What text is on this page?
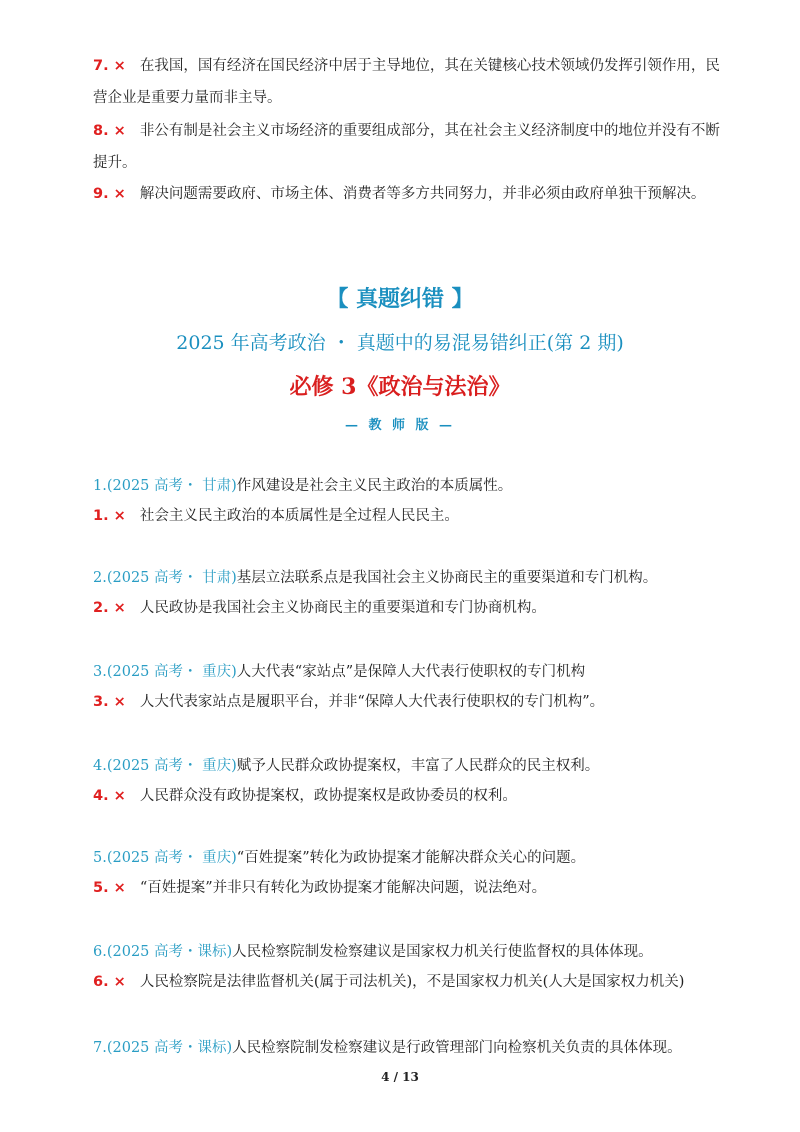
7. × 在我国，国有经济在国民经济中居于主导地位，其在关键核心技术领域仍发挥引领作用，民营企业是重要力量而非主导。
8. × 非公有制是社会主义市场经济的重要组成部分，其在社会主义经济制度中的地位并没有不断提升。
9. × 解决问题需要政府、市场主体、消费者等多方共同努力，并非必须由政府单独干预解决。
【 真题纠错 】
2025 年高考政治 ・ 真题中的易混易错纠正(第 2 期)
必修 3《政治与法治》
— 教 师 版 —
1.(2025 高考・ 甘肃)作风建设是社会主义民主政治的本质属性。
1. × 社会主义民主政治的本质属性是全过程人民民主。
2.(2025 高考・ 甘肃)基层立法联系点是我国社会主义协商民主的重要渠道和专门机构。
2. × 人民政协是我国社会主义协商民主的重要渠道和专门协商机构。
3.(2025 高考・ 重庆)人大代表“家站点”是保障人大代表行使职权的专门机构
3. × 人大代表家站点是履职平台，并非“保障人大代表行使职权的专门机构”。
4.(2025 高考・ 重庆)赋予人民群众政协提案权，丰富了人民群众的民主权利。
4. × 人民群众没有政协提案权，政协提案权是政协委员的权利。
5.(2025 高考・ 重庆)“百姓提案”转化为政协提案才能解决群众关心的问题。
5. × “百姓提案”并非只有转化为政协提案才能解决问题，说法绝对。
6.(2025 高考・课标)人民检察院制发检察建议是国家权力机关行使监督权的具体体现。
6. × 人民检察院是法律监督机关(属于司法机关)，不是国家权力机关(人大是国家权力机关)
7.(2025 高考・课标)人民检察院制发检察建议是行政管理部门向检察机关负责的具体体现。
4 / 13
